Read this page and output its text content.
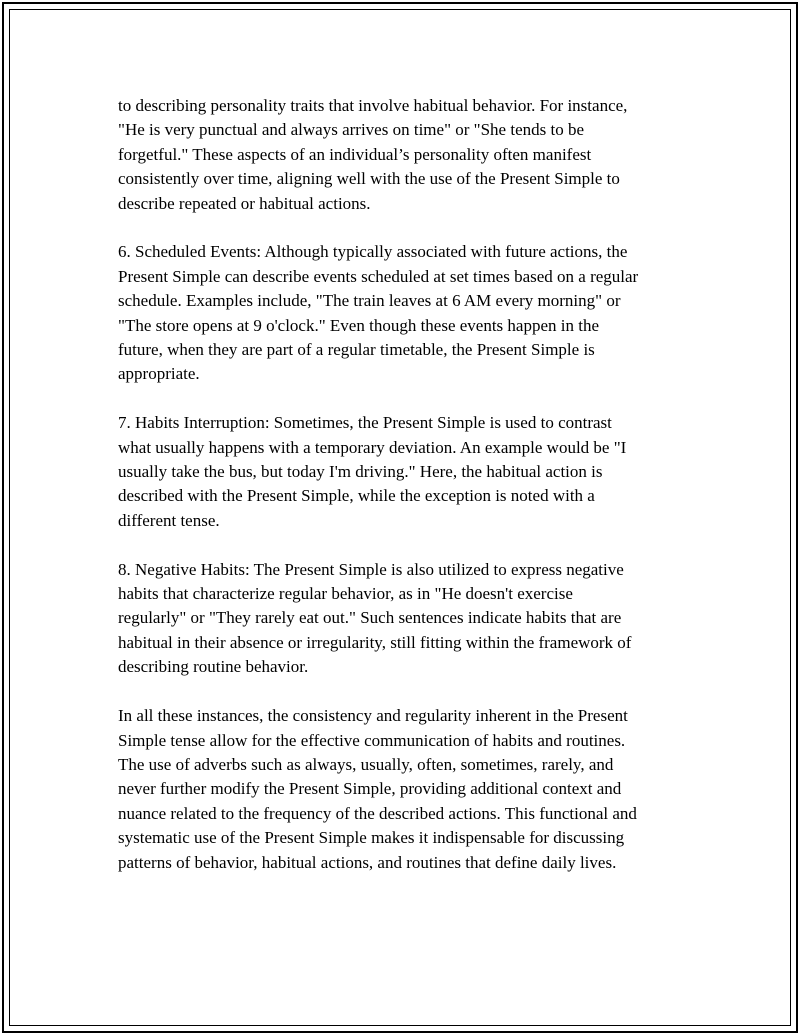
to describing personality traits that involve habitual behavior. For instance,
"He is very punctual and always arrives on time" or "She tends to be
forgetful." These aspects of an individual’s personality often manifest
consistently over time, aligning well with the use of the Present Simple to
describe repeated or habitual actions.

6. Scheduled Events: Although typically associated with future actions, the
Present Simple can describe events scheduled at set times based on a regular
schedule. Examples include, "The train leaves at 6 AM every morning" or
"The store opens at 9 o'clock." Even though these events happen in the
future, when they are part of a regular timetable, the Present Simple is
appropriate.

7. Habits Interruption: Sometimes, the Present Simple is used to contrast
what usually happens with a temporary deviation. An example would be "I
usually take the bus, but today I'm driving." Here, the habitual action is
described with the Present Simple, while the exception is noted with a
different tense.

8. Negative Habits: The Present Simple is also utilized to express negative
habits that characterize regular behavior, as in "He doesn't exercise
regularly" or "They rarely eat out." Such sentences indicate habits that are
habitual in their absence or irregularity, still fitting within the framework of
describing routine behavior.

In all these instances, the consistency and regularity inherent in the Present
Simple tense allow for the effective communication of habits and routines.
The use of adverbs such as always, usually, often, sometimes, rarely, and
never further modify the Present Simple, providing additional context and
nuance related to the frequency of the described actions. This functional and
systematic use of the Present Simple makes it indispensable for discussing
patterns of behavior, habitual actions, and routines that define daily lives.
